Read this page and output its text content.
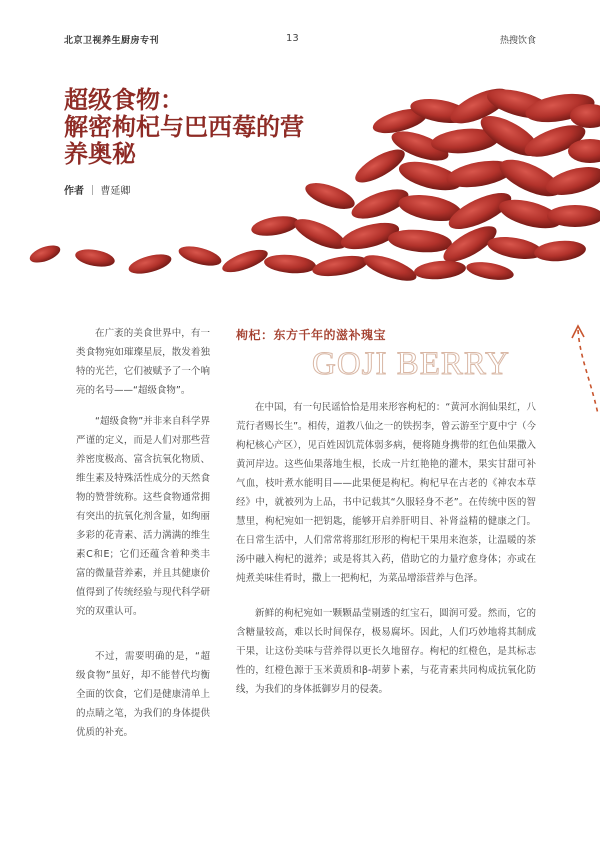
北京卫视养生厨房专刊	13	热搜饮食
超级食物：
解密枸杞与巴西莓的营
养奥秘
作者 ｜ 曹延卿

在广袤的美食世界中，有一类食物宛如璀璨星辰，散发着独特的光芒，它们被赋予了一个响亮的名号——“超级食物”。

“超级食物”并非来自科学界严谨的定义，而是人们对那些营养密度极高、富含抗氧化物质、维生素及特殊活性成分的天然食物的赞誉统称。这些食物通常拥有突出的抗氧化剂含量，如绚丽多彩的花青素、活力满满的维生素C和E；它们还蕴含着种类丰富的微量营养素，并且其健康价值得到了传统经验与现代科学研究的双重认可。

不过，需要明确的是，“超级食物”虽好，却不能替代均衡全面的饮食，它们是健康清单上的点睛之笔，为我们的身体提供优质的补充。

枸杞：东方千年的滋补瑰宝
GOJI BERRY

在中国，有一句民谣恰恰是用来形容枸杞的：“黄河水润仙果红，八荒行者赐长生”。相传，道教八仙之一的铁拐李，曾云游至宁夏中宁（今枸杞核心产区），见百姓因饥荒体弱多病，便将随身携带的红色仙果撒入黄河岸边。这些仙果落地生根，长成一片红艳艳的灌木，果实甘甜可补气血，枝叶煮水能明目——此果便是枸杞。枸杞早在古老的《神农本草经》中，就被列为上品，书中记载其“久服轻身不老”。在传统中医的智慧里，枸杞宛如一把钥匙，能够开启养肝明目、补肾益精的健康之门。在日常生活中，人们常常将那红形形的枸杞干果用来泡茶，让温暖的茶汤中融入枸杞的滋养；或是将其入药，借助它的力量疗愈身体；亦或在炖煮美味佳肴时，撒上一把枸杞，为菜品增添营养与色泽。

新鲜的枸杞宛如一颗颗晶莹剔透的红宝石，圆润可爱。然而，它的含糖量较高，难以长时间保存，极易腐坏。因此，人们巧妙地将其制成干果，让这份美味与营养得以更长久地留存。枸杞的红橙色，是其标志性的，红橙色源于玉米黄质和β-胡萝卜素，与花青素共同构成抗氧化防线，为我们的身体抵御岁月的侵袭。
